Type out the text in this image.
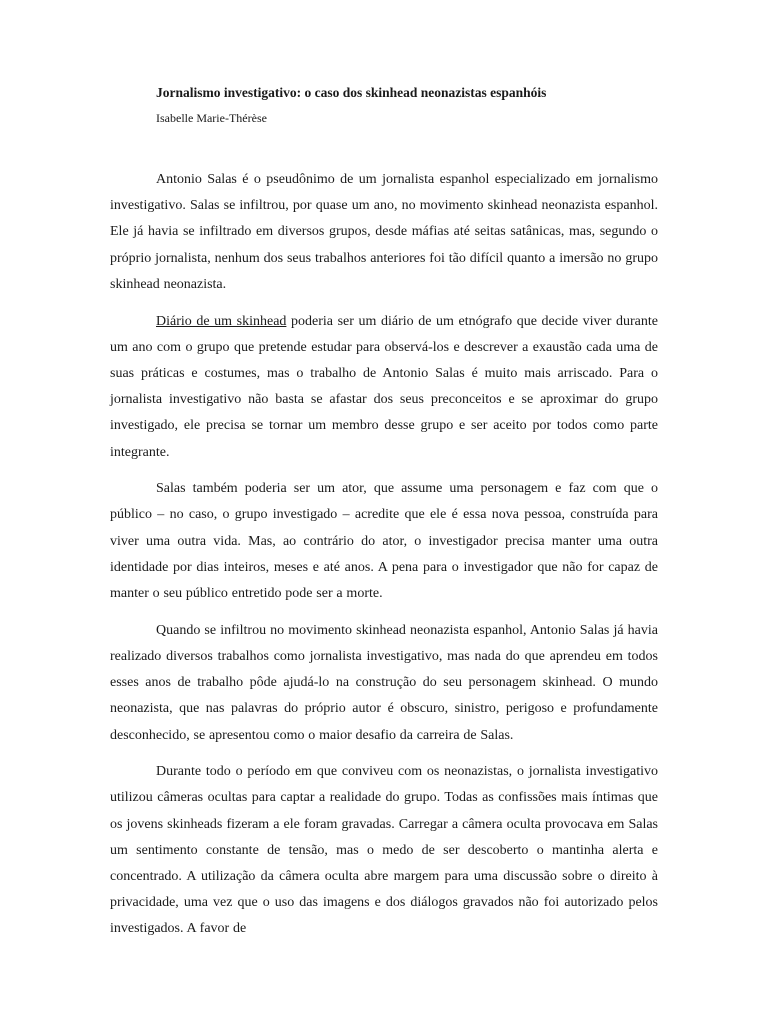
Jornalismo investigativo: o caso dos skinhead neonazistas espanhóis

Isabelle Marie-Thérèse

Antonio Salas é o pseudônimo de um jornalista espanhol especializado em jornalismo investigativo. Salas se infiltrou, por quase um ano, no movimento skinhead neonazista espanhol. Ele já havia se infiltrado em diversos grupos, desde máfias até seitas satânicas, mas, segundo o próprio jornalista, nenhum dos seus trabalhos anteriores foi tão difícil quanto a imersão no grupo skinhead neonazista.

Diário de um skinhead poderia ser um diário de um etnógrafo que decide viver durante um ano com o grupo que pretende estudar para observá-los e descrever a exaustão cada uma de suas práticas e costumes, mas o trabalho de Antonio Salas é muito mais arriscado. Para o jornalista investigativo não basta se afastar dos seus preconceitos e se aproximar do grupo investigado, ele precisa se tornar um membro desse grupo e ser aceito por todos como parte integrante.

Salas também poderia ser um ator, que assume uma personagem e faz com que o público – no caso, o grupo investigado – acredite que ele é essa nova pessoa, construída para viver uma outra vida. Mas, ao contrário do ator, o investigador precisa manter uma outra identidade por dias inteiros, meses e até anos. A pena para o investigador que não for capaz de manter o seu público entretido pode ser a morte.

Quando se infiltrou no movimento skinhead neonazista espanhol, Antonio Salas já havia realizado diversos trabalhos como jornalista investigativo, mas nada do que aprendeu em todos esses anos de trabalho pôde ajudá-lo na construção do seu personagem skinhead. O mundo neonazista, que nas palavras do próprio autor é obscuro, sinistro, perigoso e profundamente desconhecido, se apresentou como o maior desafio da carreira de Salas.

Durante todo o período em que conviveu com os neonazistas, o jornalista investigativo utilizou câmeras ocultas para captar a realidade do grupo. Todas as confissões mais íntimas que os jovens skinheads fizeram a ele foram gravadas. Carregar a câmera oculta provocava em Salas um sentimento constante de tensão, mas o medo de ser descoberto o mantinha alerta e concentrado. A utilização da câmera oculta abre margem para uma discussão sobre o direito à privacidade, uma vez que o uso das imagens e dos diálogos gravados não foi autorizado pelos investigados. A favor de
